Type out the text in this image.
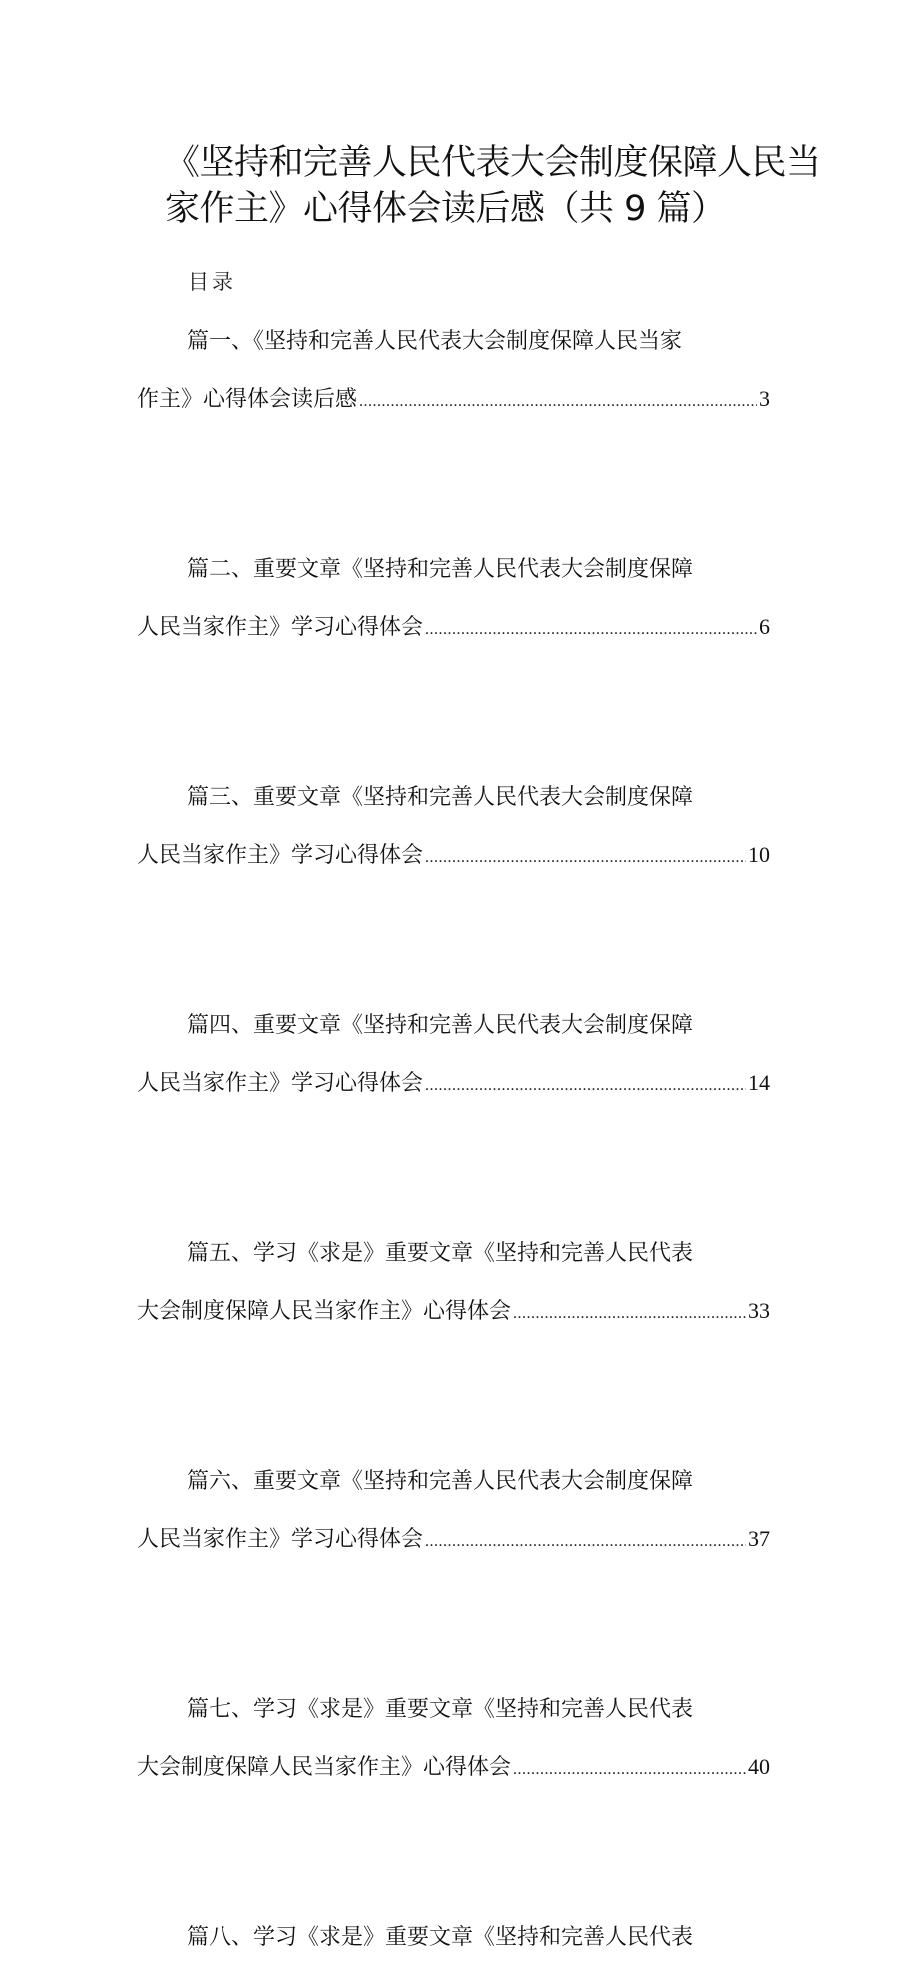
《坚持和完善人民代表大会制度保障人民当
家作主》心得体会读后感（共 9 篇）
目录
篇一、《坚持和完善人民代表大会制度保障人民当家
作主》心得体会读后感 .....	3
篇二、重要文章《坚持和完善人民代表大会制度保障
人民当家作主》学习心得体会 .....	6
篇三、重要文章《坚持和完善人民代表大会制度保障
人民当家作主》学习心得体会 .....	10
篇四、重要文章《坚持和完善人民代表大会制度保障
人民当家作主》学习心得体会 .....	14
篇五、学习《求是》重要文章《坚持和完善人民代表
大会制度保障人民当家作主》心得体会 .....	33
篇六、重要文章《坚持和完善人民代表大会制度保障
人民当家作主》学习心得体会 .....	37
篇七、学习《求是》重要文章《坚持和完善人民代表
大会制度保障人民当家作主》心得体会 .....	40
篇八、学习《求是》重要文章《坚持和完善人民代表
